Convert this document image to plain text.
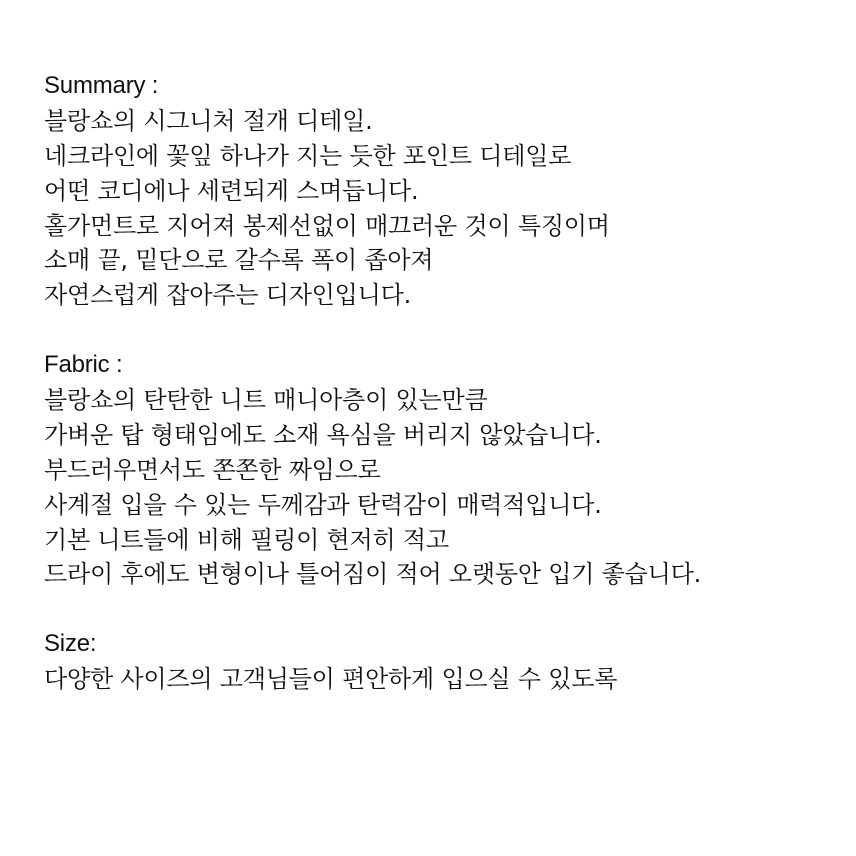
Summary :
블랑쇼의 시그니처 절개 디테일.
네크라인에 꽃잎 하나가 지는 듯한 포인트 디테일로
어떤 코디에나 세련되게 스며듭니다.
홀가먼트로 지어져 봉제선없이 매끄러운 것이 특징이며
소매 끝, 밑단으로 갈수록 폭이 좁아져
자연스럽게 잡아주는 디자인입니다.
Fabric :
블랑쇼의 탄탄한 니트 매니아층이 있는만큼
가벼운 탑 형태임에도 소재 욕심을 버리지 않았습니다.
부드러우면서도 쫀쫀한 짜임으로
사계절 입을 수 있는 두께감과 탄력감이 매력적입니다.
기본 니트들에 비해 필링이 현저히 적고
드라이 후에도 변형이나 틀어짐이 적어 오랫동안 입기 좋습니다.
Size:
다양한 사이즈의 고객님들이 편안하게 입으실 수 있도록
